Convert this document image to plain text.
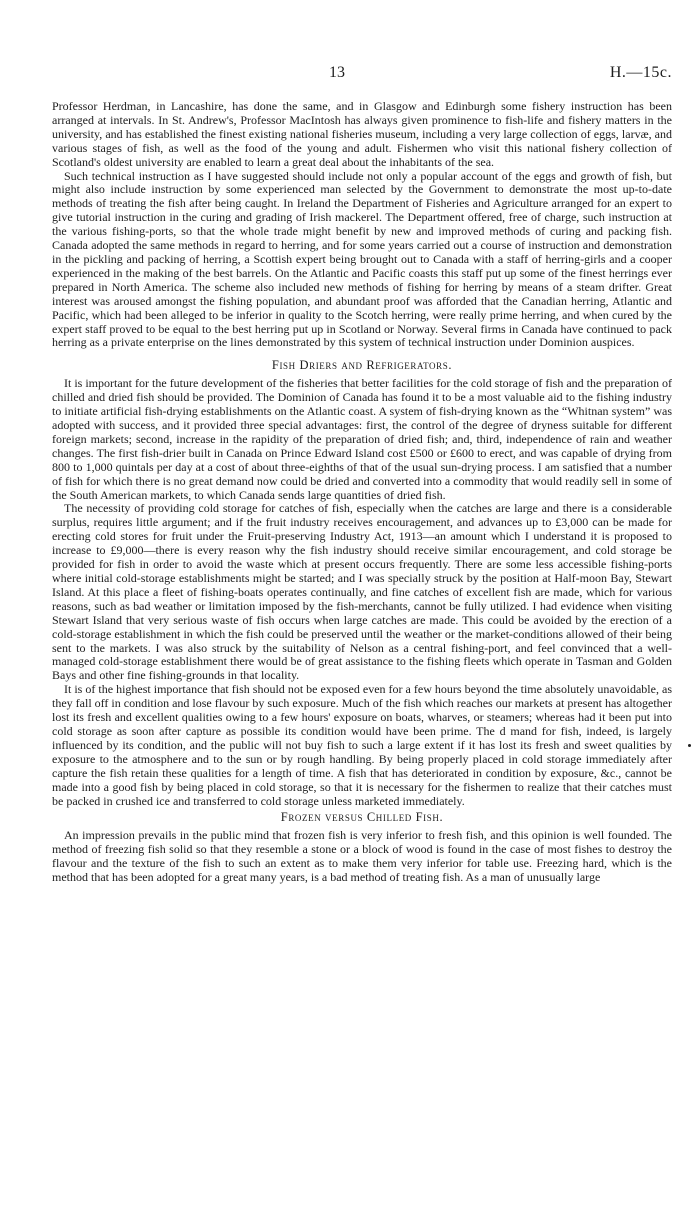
13	H.—15c.

Professor Herdman, in Lancashire, has done the same, and in Glasgow and Edinburgh some fishery instruction has been arranged at intervals. In St. Andrew's, Professor MacIntosh has always given prominence to fish-life and fishery matters in the university, and has established the finest existing national fisheries museum, including a very large collection of eggs, larvæ, and various stages of fish, as well as the food of the young and adult. Fishermen who visit this national fishery collection of Scotland's oldest university are enabled to learn a great deal about the inhabitants of the sea.

Such technical instruction as I have suggested should include not only a popular account of the eggs and growth of fish, but might also include instruction by some experienced man selected by the Government to demonstrate the most up-to-date methods of treating the fish after being caught. In Ireland the Department of Fisheries and Agriculture arranged for an expert to give tutorial instruction in the curing and grading of Irish mackerel. The Department offered, free of charge, such instruction at the various fishing-ports, so that the whole trade might benefit by new and improved methods of curing and packing fish. Canada adopted the same methods in regard to herring, and for some years carried out a course of instruction and demonstration in the pickling and packing of herring, a Scottish expert being brought out to Canada with a staff of herring-girls and a cooper experienced in the making of the best barrels. On the Atlantic and Pacific coasts this staff put up some of the finest herrings ever prepared in North America. The scheme also included new methods of fishing for herring by means of a steam drifter. Great interest was aroused amongst the fishing population, and abundant proof was afforded that the Canadian herring, Atlantic and Pacific, which had been alleged to be inferior in quality to the Scotch herring, were really prime herring, and when cured by the expert staff proved to be equal to the best herring put up in Scotland or Norway. Several firms in Canada have continued to pack herring as a private enterprise on the lines demonstrated by this system of technical instruction under Dominion auspices.

Fish Driers and Refrigerators.

It is important for the future development of the fisheries that better facilities for the cold storage of fish and the preparation of chilled and dried fish should be provided. The Dominion of Canada has found it to be a most valuable aid to the fishing industry to initiate artificial fish-drying establishments on the Atlantic coast. A system of fish-drying known as the “Whitnan system” was adopted with success, and it provided three special advantages: first, the control of the degree of dryness suitable for different foreign markets; second, increase in the rapidity of the preparation of dried fish; and, third, independence of rain and weather changes. The first fish-drier built in Canada on Prince Edward Island cost £500 or £600 to erect, and was capable of drying from 800 to 1,000 quintals per day at a cost of about three-eighths of that of the usual sun-drying process. I am satisfied that a number of fish for which there is no great demand now could be dried and converted into a commodity that would readily sell in some of the South American markets, to which Canada sends large quantities of dried fish.

The necessity of providing cold storage for catches of fish, especially when the catches are large and there is a considerable surplus, requires little argument; and if the fruit industry receives encouragement, and advances up to £3,000 can be made for erecting cold stores for fruit under the Fruit-preserving Industry Act, 1913—an amount which I understand it is proposed to increase to £9,000—there is every reason why the fish industry should receive similar encouragement, and cold storage be provided for fish in order to avoid the waste which at present occurs frequently. There are some less accessible fishing-ports where initial cold-storage establishments might be started; and I was specially struck by the position at Half-moon Bay, Stewart Island. At this place a fleet of fishing-boats operates continually, and fine catches of excellent fish are made, which for various reasons, such as bad weather or limitation imposed by the fish-merchants, cannot be fully utilized. I had evidence when visiting Stewart Island that very serious waste of fish occurs when large catches are made. This could be avoided by the erection of a cold-storage establishment in which the fish could be preserved until the weather or the market-conditions allowed of their being sent to the markets. I was also struck by the suitability of Nelson as a central fishing-port, and feel convinced that a well-managed cold-storage establishment there would be of great assistance to the fishing fleets which operate in Tasman and Golden Bays and other fine fishing-grounds in that locality.

It is of the highest importance that fish should not be exposed even for a few hours beyond the time absolutely unavoidable, as they fall off in condition and lose flavour by such exposure. Much of the fish which reaches our markets at present has altogether lost its fresh and excellent qualities owing to a few hours' exposure on boats, wharves, or steamers; whereas had it been put into cold storage as soon after capture as possible its condition would have been prime. The d mand for fish, indeed, is largely influenced by its condition, and the public will not buy fish to such a large extent if it has lost its fresh and sweet qualities by exposure to the atmosphere and to the sun or by rough handling. By being properly placed in cold storage immediately after capture the fish retain these qualities for a length of time. A fish that has deteriorated in condition by exposure, &c., cannot be made into a good fish by being placed in cold storage, so that it is necessary for the fishermen to realize that their catches must be packed in crushed ice and transferred to cold storage unless marketed immediately.

Frozen versus Chilled Fish.

An impression prevails in the public mind that frozen fish is very inferior to fresh fish, and this opinion is well founded. The method of freezing fish solid so that they resemble a stone or a block of wood is found in the case of most fishes to destroy the flavour and the texture of the fish to such an extent as to make them very inferior for table use. Freezing hard, which is the method that has been adopted for a great many years, is a bad method of treating fish. As a man of unusually large
